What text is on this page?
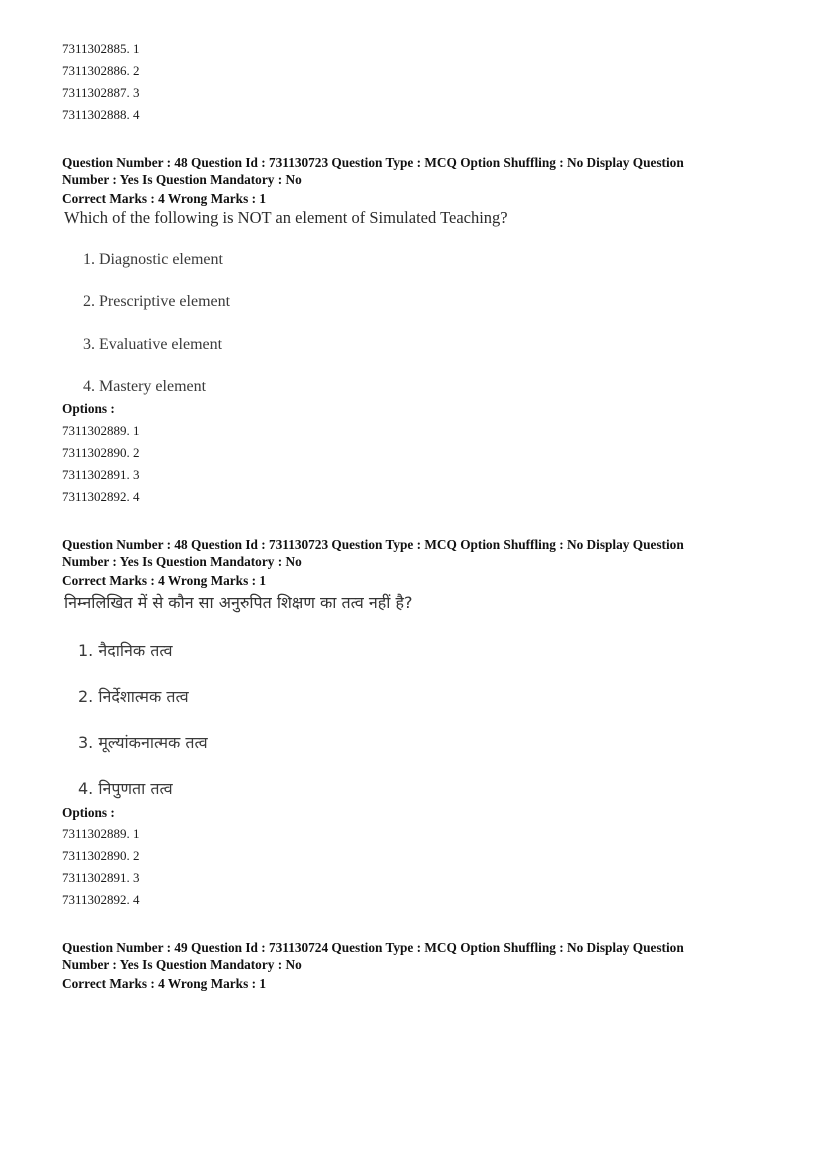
7311302885. 1
7311302886. 2
7311302887. 3
7311302888. 4

Question Number : 48 Question Id : 731130723 Question Type : MCQ Option Shuffling : No Display Question

Number : Yes Is Question Mandatory : No

Correct Marks : 4 Wrong Marks : 1

Which of the following is NOT an element of Simulated Teaching?

1. Diagnostic element
2. Prescriptive element
3. Evaluative element
4. Mastery element
Options :
7311302889. 1
7311302890. 2
7311302891. 3
7311302892. 4

Question Number : 48 Question Id : 731130723 Question Type : MCQ Option Shuffling : No Display Question

Number : Yes Is Question Mandatory : No

Correct Marks : 4 Wrong Marks : 1

निम्नलिखित में से कौन सा अनुरुपित शिक्षण का तत्व नहीं है?

1. नैदानिक तत्व
2. निर्देशात्मक तत्व
3. मूल्यांकनात्मक तत्व
4. निपुणता तत्व
Options :
7311302889. 1
7311302890. 2
7311302891. 3
7311302892. 4

Question Number : 49 Question Id : 731130724 Question Type : MCQ Option Shuffling : No Display Question

Number : Yes Is Question Mandatory : No

Correct Marks : 4 Wrong Marks : 1
